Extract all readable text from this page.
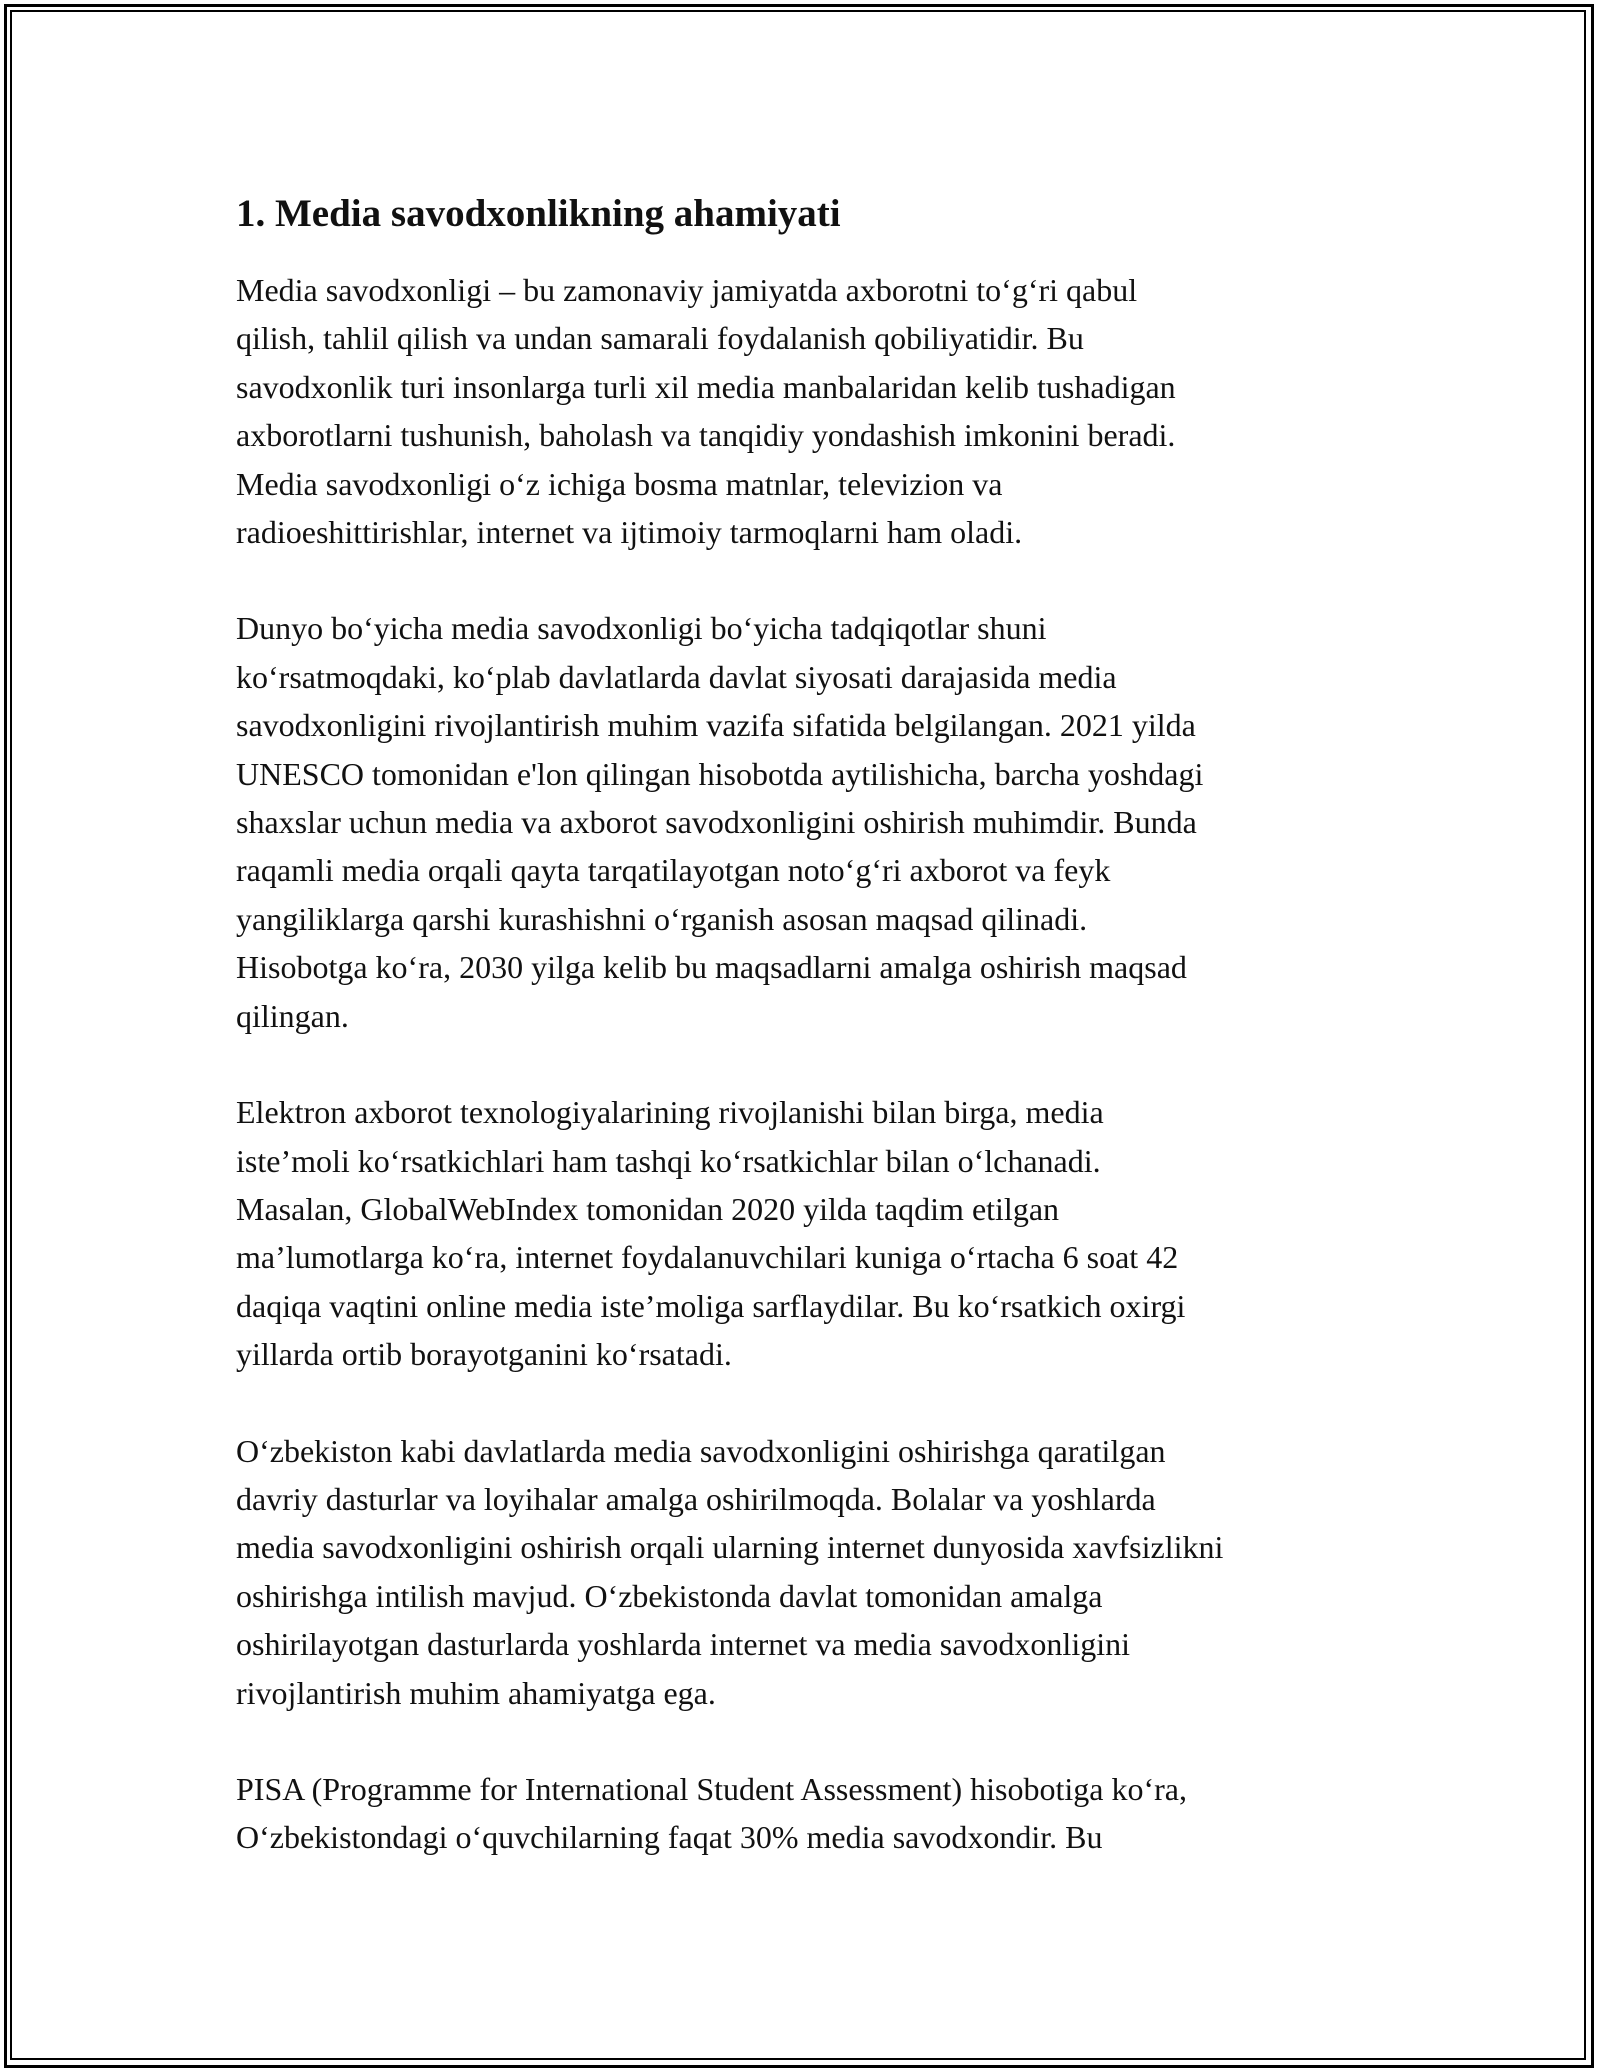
1. Media savodxonlikning ahamiyati
Media savodxonligi – bu zamonaviy jamiyatda axborotni to‘g‘ri qabul
qilish, tahlil qilish va undan samarali foydalanish qobiliyatidir. Bu
savodxonlik turi insonlarga turli xil media manbalaridan kelib tushadigan
axborotlarni tushunish, baholash va tanqidiy yondashish imkonini beradi.
Media savodxonligi o‘z ichiga bosma matnlar, televizion va
radioeshittirishlar, internet va ijtimoiy tarmoqlarni ham oladi.
Dunyo bo‘yicha media savodxonligi bo‘yicha tadqiqotlar shuni
ko‘rsatmoqdaki, ko‘plab davlatlarda davlat siyosati darajasida media
savodxonligini rivojlantirish muhim vazifa sifatida belgilangan. 2021 yilda
UNESCO tomonidan e'lon qilingan hisobotda aytilishicha, barcha yoshdagi
shaxslar uchun media va axborot savodxonligini oshirish muhimdir. Bunda
raqamli media orqali qayta tarqatilayotgan noto‘g‘ri axborot va feyk
yangiliklarga qarshi kurashishni o‘rganish asosan maqsad qilinadi.
Hisobotga ko‘ra, 2030 yilga kelib bu maqsadlarni amalga oshirish maqsad
qilingan.
Elektron axborot texnologiyalarining rivojlanishi bilan birga, media
iste’moli ko‘rsatkichlari ham tashqi ko‘rsatkichlar bilan o‘lchanadi.
Masalan, GlobalWebIndex tomonidan 2020 yilda taqdim etilgan
ma’lumotlarga ko‘ra, internet foydalanuvchilari kuniga o‘rtacha 6 soat 42
daqiqa vaqtini online media iste’moliga sarflaydilar. Bu ko‘rsatkich oxirgi
yillarda ortib borayotganini ko‘rsatadi.
O‘zbekiston kabi davlatlarda media savodxonligini oshirishga qaratilgan
davriy dasturlar va loyihalar amalga oshirilmoqda. Bolalar va yoshlarda
media savodxonligini oshirish orqali ularning internet dunyosida xavfsizlikni
oshirishga intilish mavjud. O‘zbekistonda davlat tomonidan amalga
oshirilayotgan dasturlarda yoshlarda internet va media savodxonligini
rivojlantirish muhim ahamiyatga ega.
PISA (Programme for International Student Assessment) hisobotiga ko‘ra,
O‘zbekistondagi o‘quvchilarning faqat 30% media savodxondir. Bu
